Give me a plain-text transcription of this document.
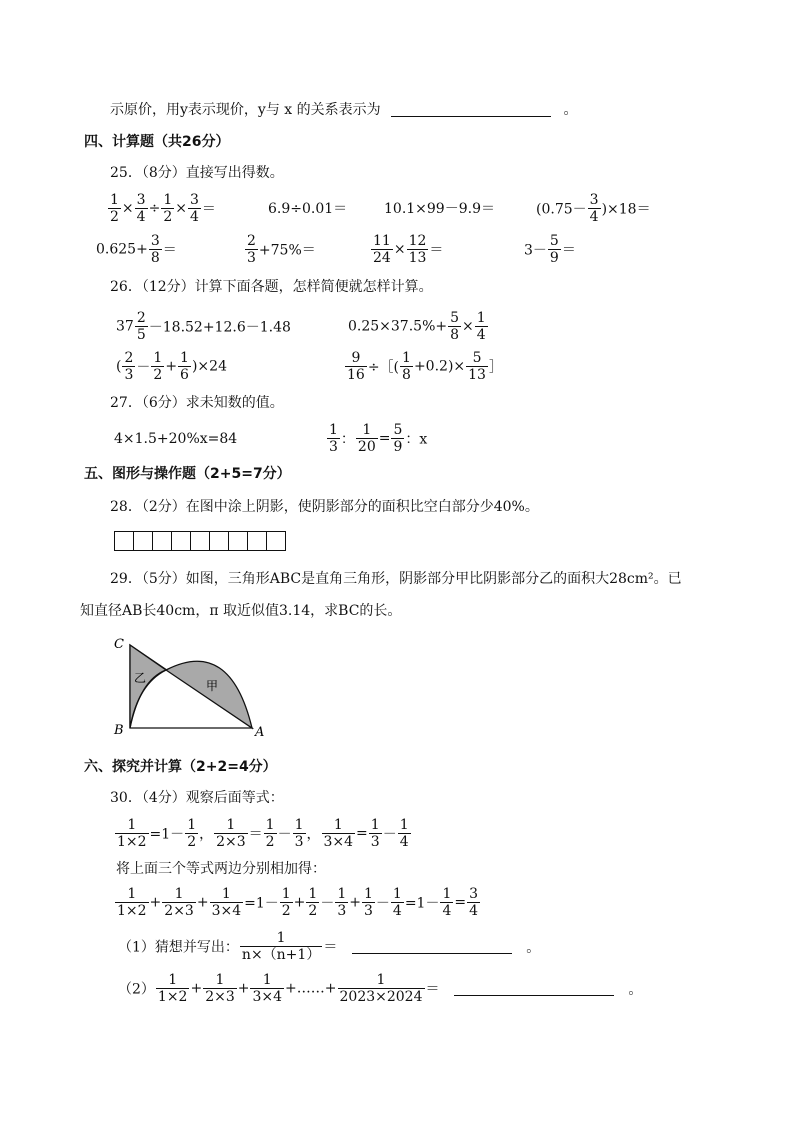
示原价，用y表示现价，y与 x 的关系表示为	。
四、计算题（共26分）
25．（8分）直接写出得数。
$\frac{1}{2} \times \frac{3}{4} \div \frac{1}{2} \times \frac{3}{4}$ ＝	6.9÷0.01＝	10.1×99－9.9＝	$(0.75- \frac{3}{4} )\times 18=$
$0.625+ \frac{3}{8}$ ＝	$\frac{2}{3} +75\%=$	$\frac{11}{24} \times \frac{12}{13}$ ＝	$3- \frac{5}{9}$ ＝
26．（12分）计算下面各题，怎样简便就怎样计算。
$37 \frac{2}{5} -18.52+12.6-1.48$	$0.25\times 37.5\%+ \frac{5}{8} \times \frac{1}{4}$
( $\frac{2}{3} - \frac{1}{2} + \frac{1}{6} )\times 24$	$\frac{9}{16}$ ÷［( $\frac{1}{8} +0.2)\times \frac{5}{13}$ ］
27．（6分）求未知数的值。
4×1.5+20%x=84	$\frac{1}{3}$ ： $\frac{1}{20} = \frac{5}{9}$ ：x
五、图形与操作题（2+5=7分）
28．（2分）在图中涂上阴影，使阴影部分的面积比空白部分少40%。
29．（5分）如图，三角形ABC是直角三角形，阴影部分甲比阴影部分乙的面积大28cm²。已
知直径AB长40cm，π 取近似值3.14，求BC的长。
C
B	A
乙
甲
六、探究并计算（2+2=4分）
30．（4分）观察后面等式：
$\frac{1}{1\times 2} =1- \frac{1}{2}$ ， $\frac{1}{2\times 3} = \frac{1}{2} - \frac{1}{3}$ ， $\frac{1}{3\times 4} = \frac{1}{3} - \frac{1}{4}$
将上面三个等式两边分别相加得：
$\frac{1}{1\times 2} + \frac{1}{2\times 3} + \frac{1}{3\times 4} =1- \frac{1}{2} + \frac{1}{2} - \frac{1}{3} + \frac{1}{3} - \frac{1}{4} =1- \frac{1}{4} = \frac{3}{4}$
（1）猜想并写出： $\frac{1}{n\times(n+1)}$ ＝	。
$(2) \frac{1}{1\times 2} + \frac{1}{2\times 3} + \frac{1}{3\times 4}$ +……+ $\frac{1}{2023\times 2024}$ ＝	。
